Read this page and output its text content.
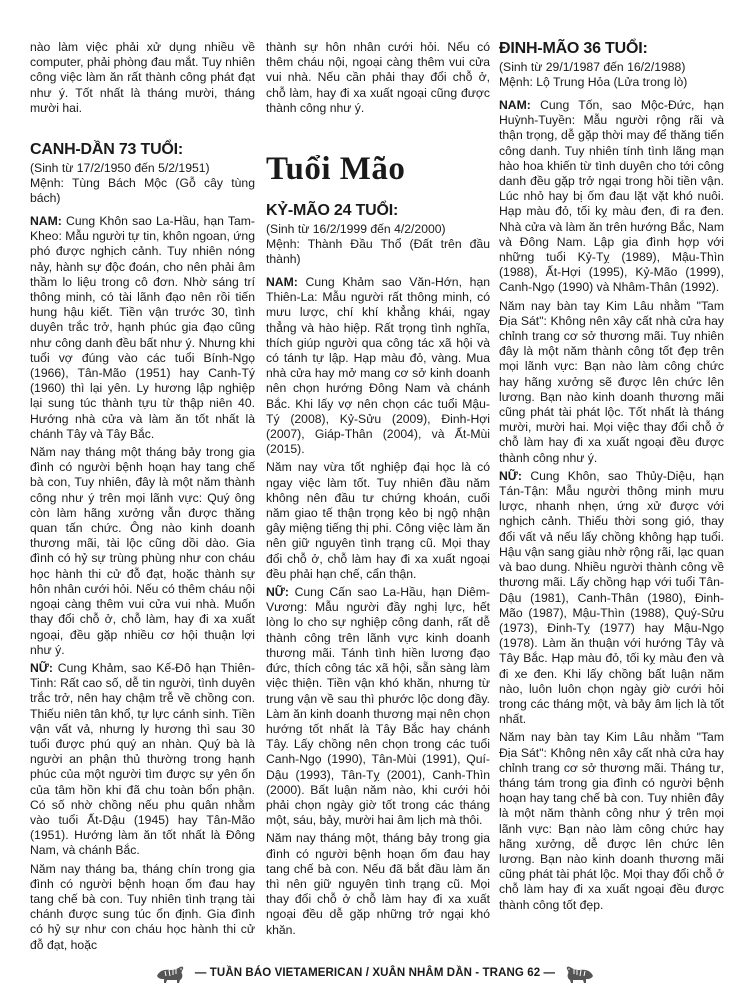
nào làm việc phải xử dụng nhiều về computer, phải phòng đau mắt. Tuy nhiên công việc làm ăn rất thành công phát đạt như ý. Tốt nhất là tháng mười, tháng mười hai.

CANH-DẦN 73 TUỔI:
(Sinh từ 17/2/1950 đến 5/2/1951)
Mệnh: Tùng Bách Mộc (Gỗ cây tùng bách)

NAM: Cung Khôn sao La-Hầu, hạn Tam-Kheo: Mẫu người tự tin, khôn ngoan, ứng phó được nghịch cảnh. Tuy nhiên nóng nảy, hành sự độc đoán, cho nên phải âm thầm lo liệu trong cô đơn. Nhờ sáng trí thông minh, có tài lãnh đạo nên rồi tiến hung hậu kiết. Tiền vận trước 30, tình duyên trắc trở, hạnh phúc gia đạo cũng như công danh đều bất như ý. Nhưng khi tuổi vợ đúng vào các tuổi Bính-Ngọ (1966), Tân-Mão (1951) hay Canh-Tý (1960) thì lại yên. Ly hương lập nghiệp lại sung túc thành tựu từ thập niên 40. Hướng nhà cửa và làm ăn tốt nhất là chánh Tây và Tây Bắc.

Năm nay tháng một tháng bảy trong gia đình có người bệnh hoạn hay tang chế bà con, Tuy nhiên, đây là một năm thành công như ý trên mọi lãnh vực: Quý ông còn làm hãng xưởng vẫn được thăng quan tấn chức. Ông nào kinh doanh thương mãi, tài lộc cũng dồi dào. Gia đình có hỷ sự trùng phùng như con cháu học hành thi cử đỗ đạt, hoặc thành sự hôn nhân cưới hỏi. Nếu có thêm cháu nội ngoại càng thêm vui cửa vui nhà. Muốn thay đổi chỗ ở, chỗ làm, hay đi xa xuất ngoại, đều gặp nhiều cơ hội thuận lợi như ý.

NỮ: Cung Khảm, sao Kế-Đô hạn Thiên-Tinh: Rất cao số, dễ tin người, tình duyên trắc trở, nên hay chậm trễ về chồng con. Thiếu niên tân khổ, tự lực cánh sinh. Tiền vận vất vả, nhưng ly hương thì sau 30 tuổi được phú quý an nhàn. Quý bà là người an phận thủ thường trong hạnh phúc của một người tìm được sự yên ổn của tâm hồn khi đã chu toàn bổn phận. Có số nhờ chồng nếu phu quân nhằm vào tuổi Ất-Dậu (1945) hay Tân-Mão (1951). Hướng làm ăn tốt nhất là Đông Nam, và chánh Bắc.

Năm nay tháng ba, tháng chín trong gia đình có người bệnh hoạn ốm đau hay tang chế bà con. Tuy nhiên tình trạng tài chánh được sung túc ổn định. Gia đình có hỷ sự như con cháu học hành thi cử đỗ đạt, hoặc

thành sự hôn nhân cưới hỏi. Nếu có thêm cháu nội, ngoại càng thêm vui cửa vui nhà. Nếu cần phải thay đổi chỗ ở, chỗ làm, hay đi xa xuất ngoại cũng được thành công như ý.

Tuổi Mão
KỶ-MÃO 24 TUỔI:
(Sinh từ 16/2/1999 đến 4/2/2000)
Mệnh: Thành Đầu Thổ (Đất trên đầu thành)

NAM: Cung Khảm sao Văn-Hớn, hạn Thiên-La: Mẫu người rất thông minh, có mưu lược, chí khí khẳng khái, ngay thẳng và hào hiệp. Rất trọng tình nghĩa, thích giúp người qua công tác xã hội và có tánh tự lập. Hạp màu đỏ, vàng. Mua nhà cửa hay mở mang cơ sở kinh doanh nên chọn hướng Đông Nam và chánh Bắc. Khi lấy vợ nên chọn các tuổi Mậu-Tý (2008), Kỷ-Sửu (2009), Đinh-Hợi (2007), Giáp-Thân (2004), và Ất-Mùi (2015).

Năm nay vừa tốt nghiệp đại học là có ngay việc làm tốt. Tuy nhiên đầu năm không nên đầu tư chứng khoán, cuối năm giao tế thận trọng kẻo bị ngộ nhận gây miệng tiếng thị phi. Công việc làm ăn nên giữ nguyên tình trạng cũ. Mọi thay đổi chỗ ở, chỗ làm hay đi xa xuất ngoại đều phải hạn chế, cẩn thận.

NỮ: Cung Cấn sao La-Hầu, hạn Diêm-Vương: Mẫu người đầy nghị lực, hết lòng lo cho sự nghiệp công danh, rất dễ thành công trên lãnh vực kinh doanh thương mãi. Tánh tình hiền lương đạo đức, thích công tác xã hội, sẵn sàng làm việc thiện. Tiền vận khó khăn, nhưng từ trung vận về sau thì phước lộc dong đầy. Làm ăn kinh doanh thương mại nên chọn hướng tốt nhất là Tây Bắc hay chánh Tây. Lấy chồng nên chọn trong các tuổi Canh-Ngọ (1990), Tân-Mùi (1991), Quí-Dậu (1993), Tân-Tỵ (2001), Canh-Thìn (2000). Bất luận năm nào, khi cưới hỏi phải chọn ngày giờ tốt trong các tháng một, sáu, bảy, mười hai âm lịch mà thôi.

Năm nay tháng một, tháng bảy trong gia đình có người bệnh hoạn ốm đau hay tang chế bà con. Nếu đã bắt đầu làm ăn thì nên giữ nguyên tình trạng cũ. Mọi thay đổi chỗ ở chỗ làm hay đi xa xuất ngoại đều dễ gặp những trở ngại khó khăn.

ĐINH-MÃO 36 TUỔI:
(Sinh từ 29/1/1987 đến 16/2/1988)
Mệnh: Lộ Trung Hỏa (Lửa trong lò)

NAM: Cung Tốn, sao Mộc-Đức, hạn Huỳnh-Tuyền: Mẫu người rộng rãi và thận trọng, dễ gặp thời may để thăng tiến công danh. Tuy nhiên tính tình lãng mạn hào hoa khiến từ tình duyên cho tới công danh đều gặp trở ngại trong hồi tiền vận. Lúc nhỏ hay bị ốm đau lặt vặt khó nuôi. Hạp màu đỏ, tối kỵ màu đen, đi ra đen. Nhà cửa và làm ăn trên hướng Bắc, Nam và Đông Nam. Lập gia đình hợp với những tuổi Kỷ-Tỵ (1989), Mậu-Thìn (1988), Ất-Hợi (1995), Kỷ-Mão (1999), Canh-Ngọ (1990) và Nhâm-Thân (1992).

Năm nay bàn tay Kim Lâu nhằm "Tam Địa Sát": Không nên xây cất nhà cửa hay chỉnh trang cơ sở thương mãi. Tuy nhiên đây là một năm thành công tốt đẹp trên mọi lãnh vực: Bạn nào làm công chức hay hãng xưởng sẽ được lên chức lên lương. Bạn nào kinh doanh thương mãi cũng phát tài phát lộc. Tốt nhất là tháng mười, mười hai. Mọi việc thay đổi chỗ ở chỗ làm hay đi xa xuất ngoại đều được thành công như ý.

NỮ: Cung Khôn, sao Thủy-Diệu, hạn Tán-Tận: Mẫu người thông minh mưu lược, nhanh nhẹn, ứng xử được với nghịch cảnh. Thiếu thời song gió, thay đổi vất vả nếu lấy chồng không hạp tuổi. Hậu vận sang giàu nhờ rộng rãi, lạc quan và bao dung. Nhiều người thành công về thương mãi. Lấy chồng hạp với tuổi Tân-Dậu (1981), Canh-Thân (1980), Đinh-Mão (1987), Mậu-Thìn (1988), Quý-Sửu (1973), Đinh-Tỵ (1977) hay Mậu-Ngọ (1978). Làm ăn thuận với hướng Tây và Tây Bắc. Hạp màu đỏ, tối kỵ màu đen và đi xe đen. Khi lấy chồng bất luận năm nào, luôn luôn chọn ngày giờ cưới hỏi trong các tháng một, và bảy âm lịch là tốt nhất.

Năm nay bàn tay Kim Lâu nhằm "Tam Địa Sát": Không nên xây cất nhà cửa hay chỉnh trang cơ sở thương mãi. Tháng tư, tháng tám trong gia đình có người bệnh hoạn hay tang chế bà con. Tuy nhiên đây là một năm thành công như ý trên mọi lãnh vực: Bạn nào làm công chức hay hãng xưởng, dễ được lên chức lên lương. Bạn nào kinh doanh thương mãi cũng phát tài phát lộc. Mọi thay đổi chỗ ở chỗ làm hay đi xa xuất ngoại đều được thành công tốt đẹp.

— TUẦN BÁO VIETAMERICAN / XUÂN NHÂM DẦN - TRANG 62 —
